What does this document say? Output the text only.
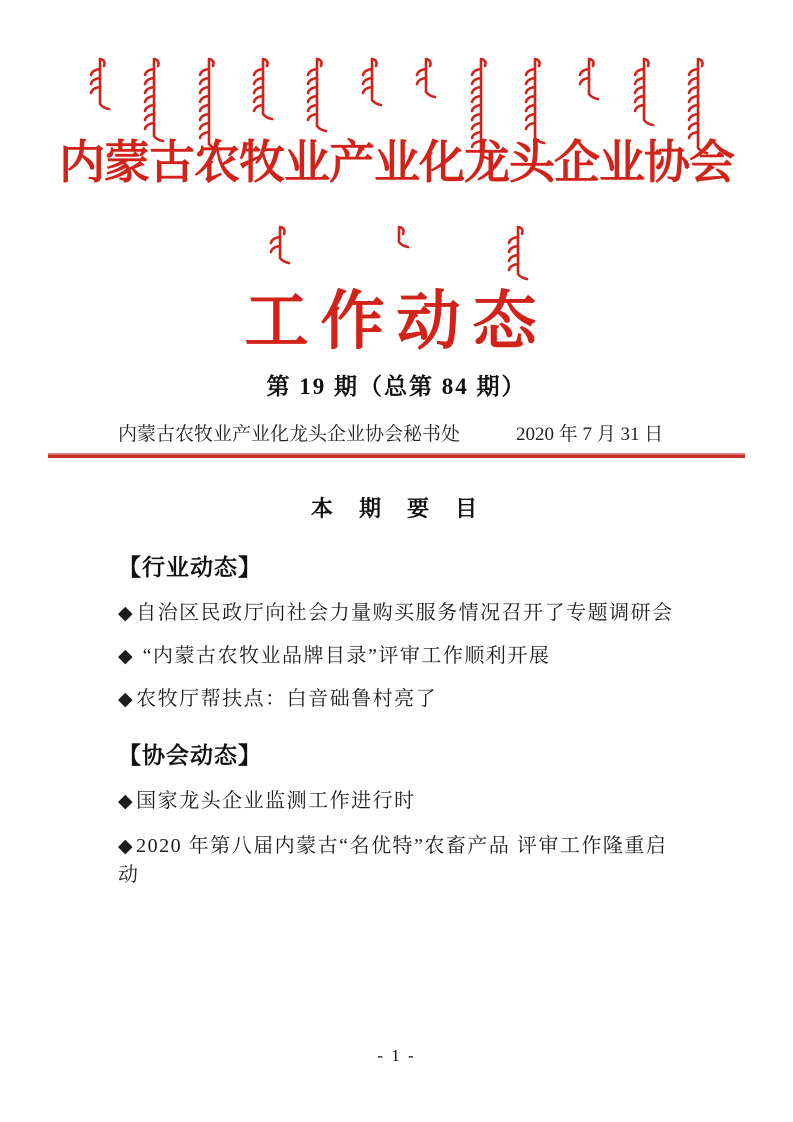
内蒙古农牧业产业化龙头企业协会
工作动态
第 19 期（总第 84 期）
内蒙古农牧业产业化龙头企业协会秘书处	2020 年 7 月 31 日

本 期 要 目

【行业动态】

◆ 自治区民政厅向社会力量购买服务情况召开了专题调研会

◆ “内蒙古农牧业品牌目录”评审工作顺利开展

◆ 农牧厅帮扶点：白音础鲁村亮了

【协会动态】

◆ 国家龙头企业监测工作进行时

◆ 2020 年第八届内蒙古“名优特”农畜产品 评审工作隆重启动

- 1 -
